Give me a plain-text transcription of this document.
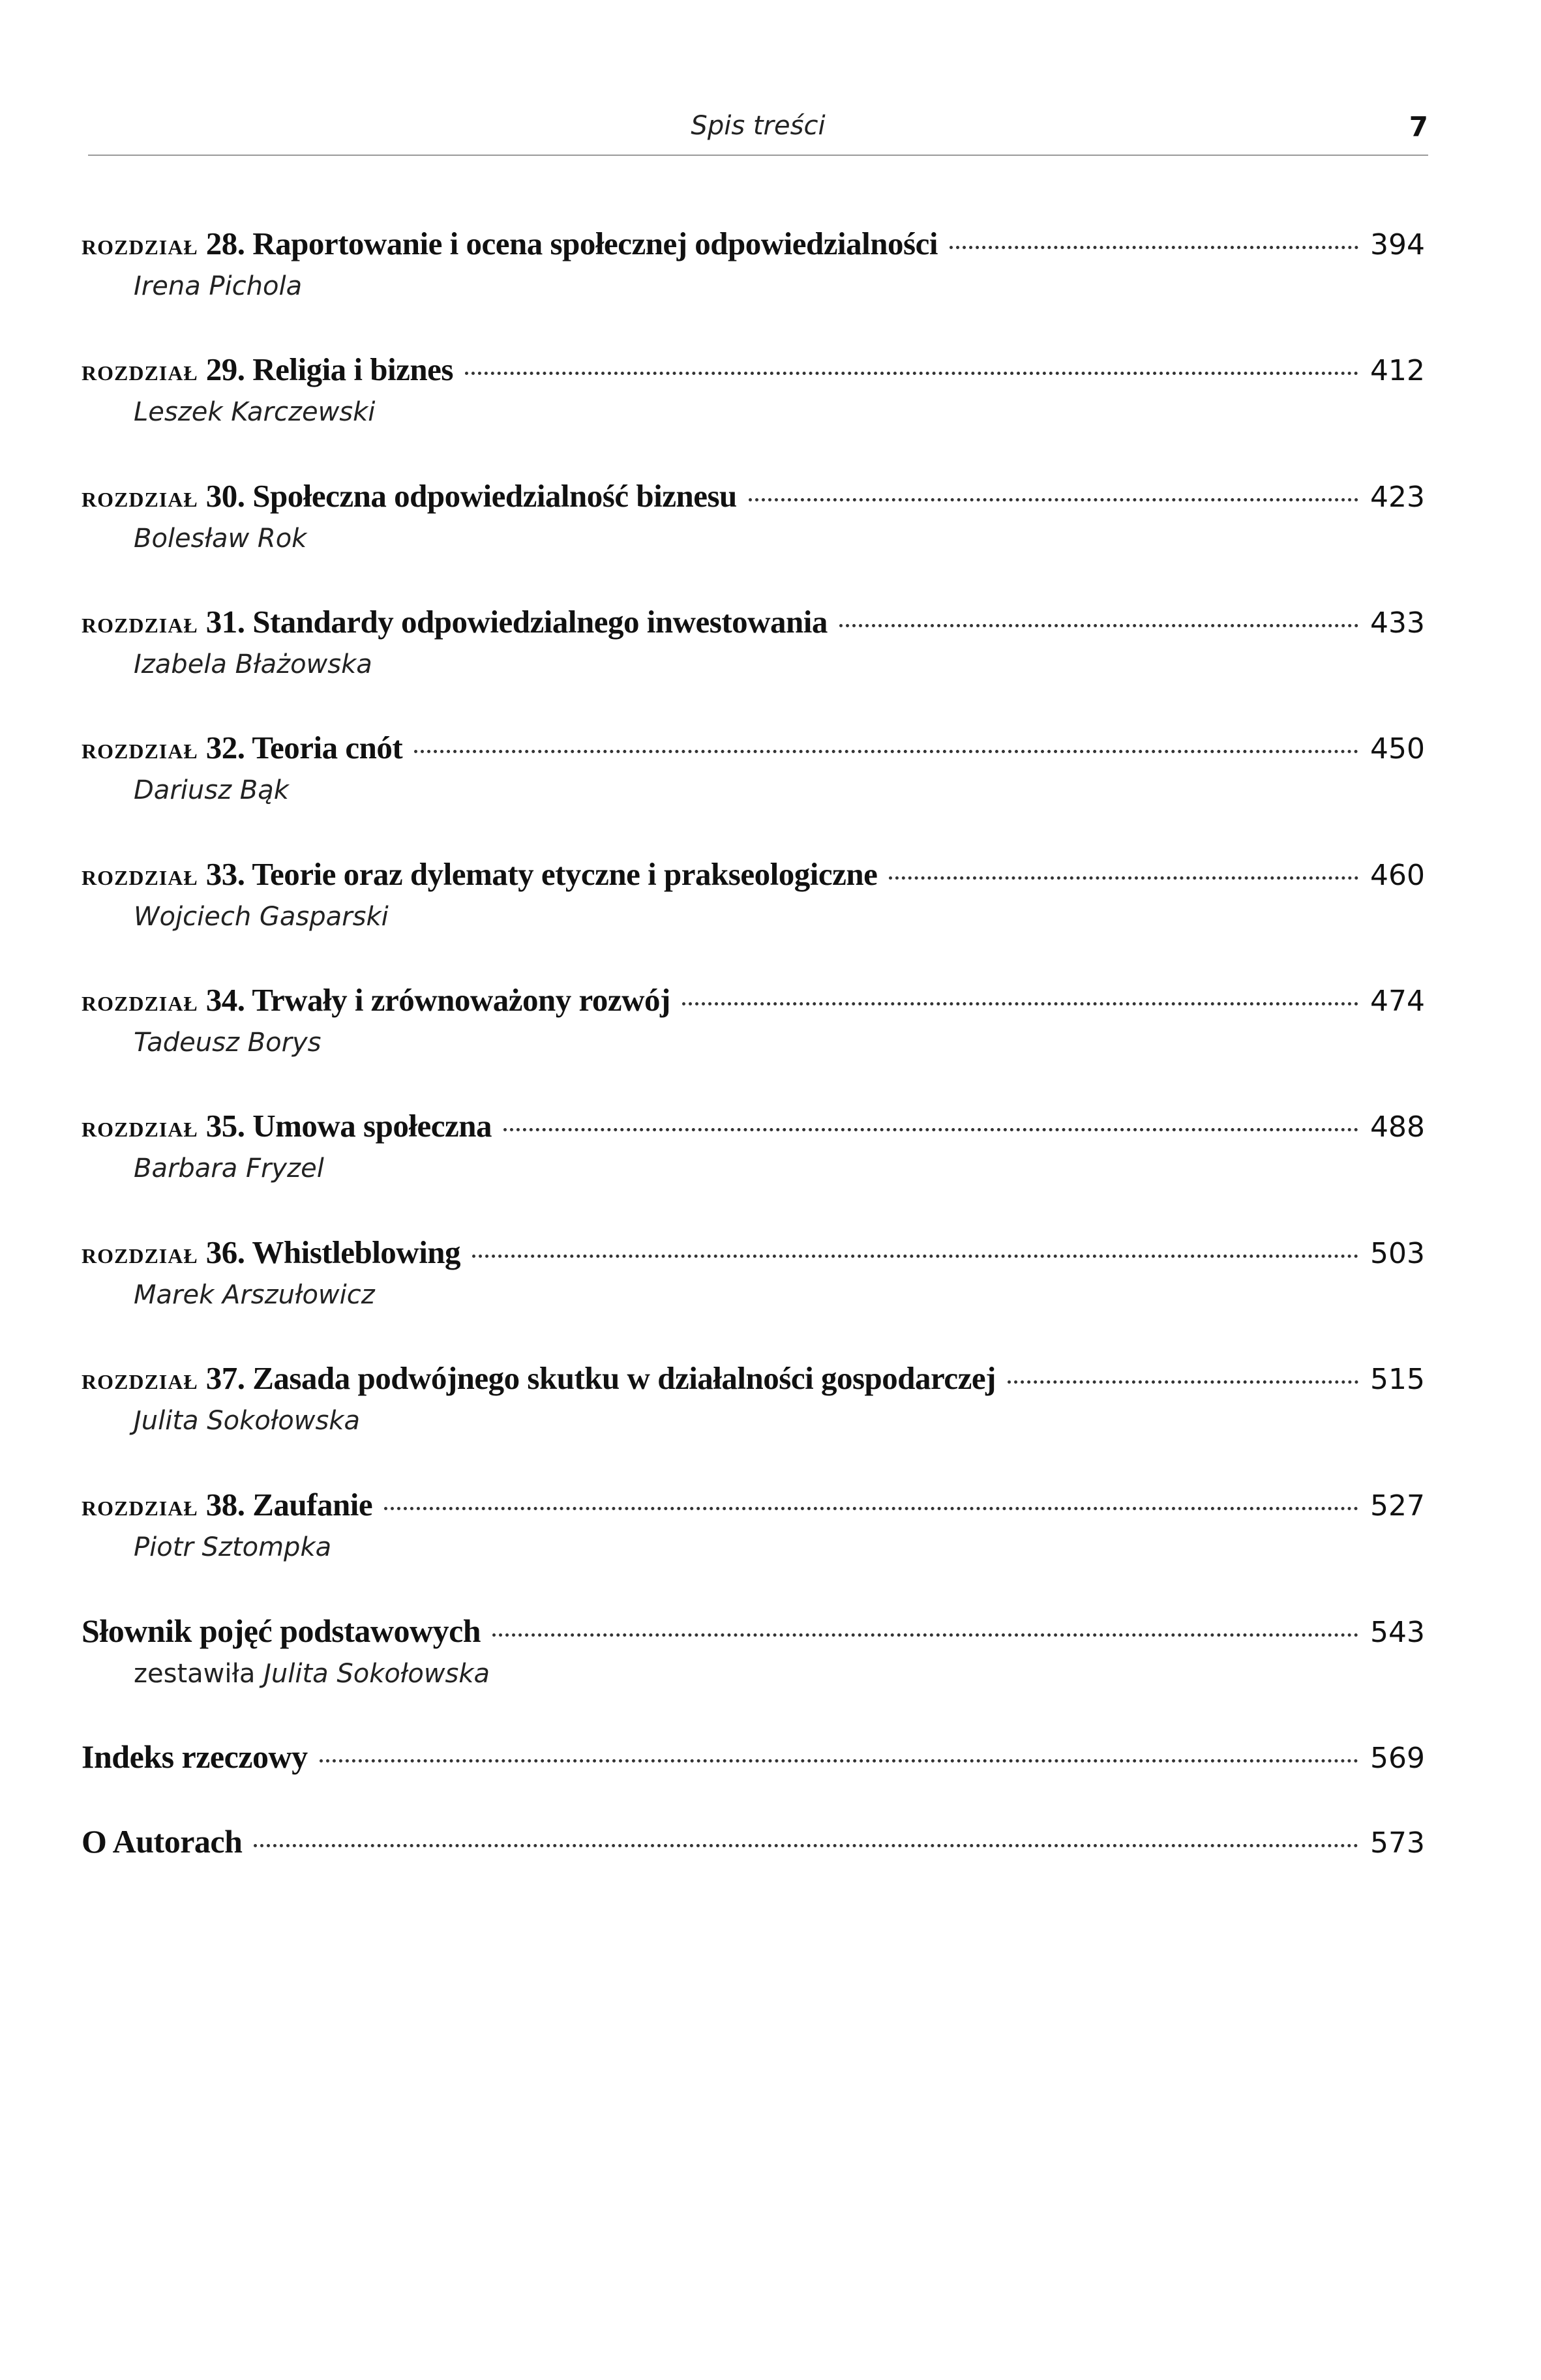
Spis treści	7
ROZDZIAŁ 28. Raportowanie i ocena społecznej odpowiedzialności	394
Irena Pichola
ROZDZIAŁ 29. Religia i biznes	412
Leszek Karczewski
ROZDZIAŁ 30. Społeczna odpowiedzialność biznesu	423
Bolesław Rok
ROZDZIAŁ 31. Standardy odpowiedzialnego inwestowania	433
Izabela Błażowska
ROZDZIAŁ 32. Teoria cnót	450
Dariusz Bąk
ROZDZIAŁ 33. Teorie oraz dylematy etyczne i prakseologiczne	460
Wojciech Gasparski
ROZDZIAŁ 34. Trwały i zrównoważony rozwój	474
Tadeusz Borys
ROZDZIAŁ 35. Umowa społeczna	488
Barbara Fryzel
ROZDZIAŁ 36. Whistleblowing	503
Marek Arszułowicz
ROZDZIAŁ 37. Zasada podwójnego skutku w działalności gospodarczej	515
Julita Sokołowska
ROZDZIAŁ 38. Zaufanie	527
Piotr Sztompka
Słownik pojęć podstawowych	543
zestawiła Julita Sokołowska
Indeks rzeczowy	569
O Autorach	573
